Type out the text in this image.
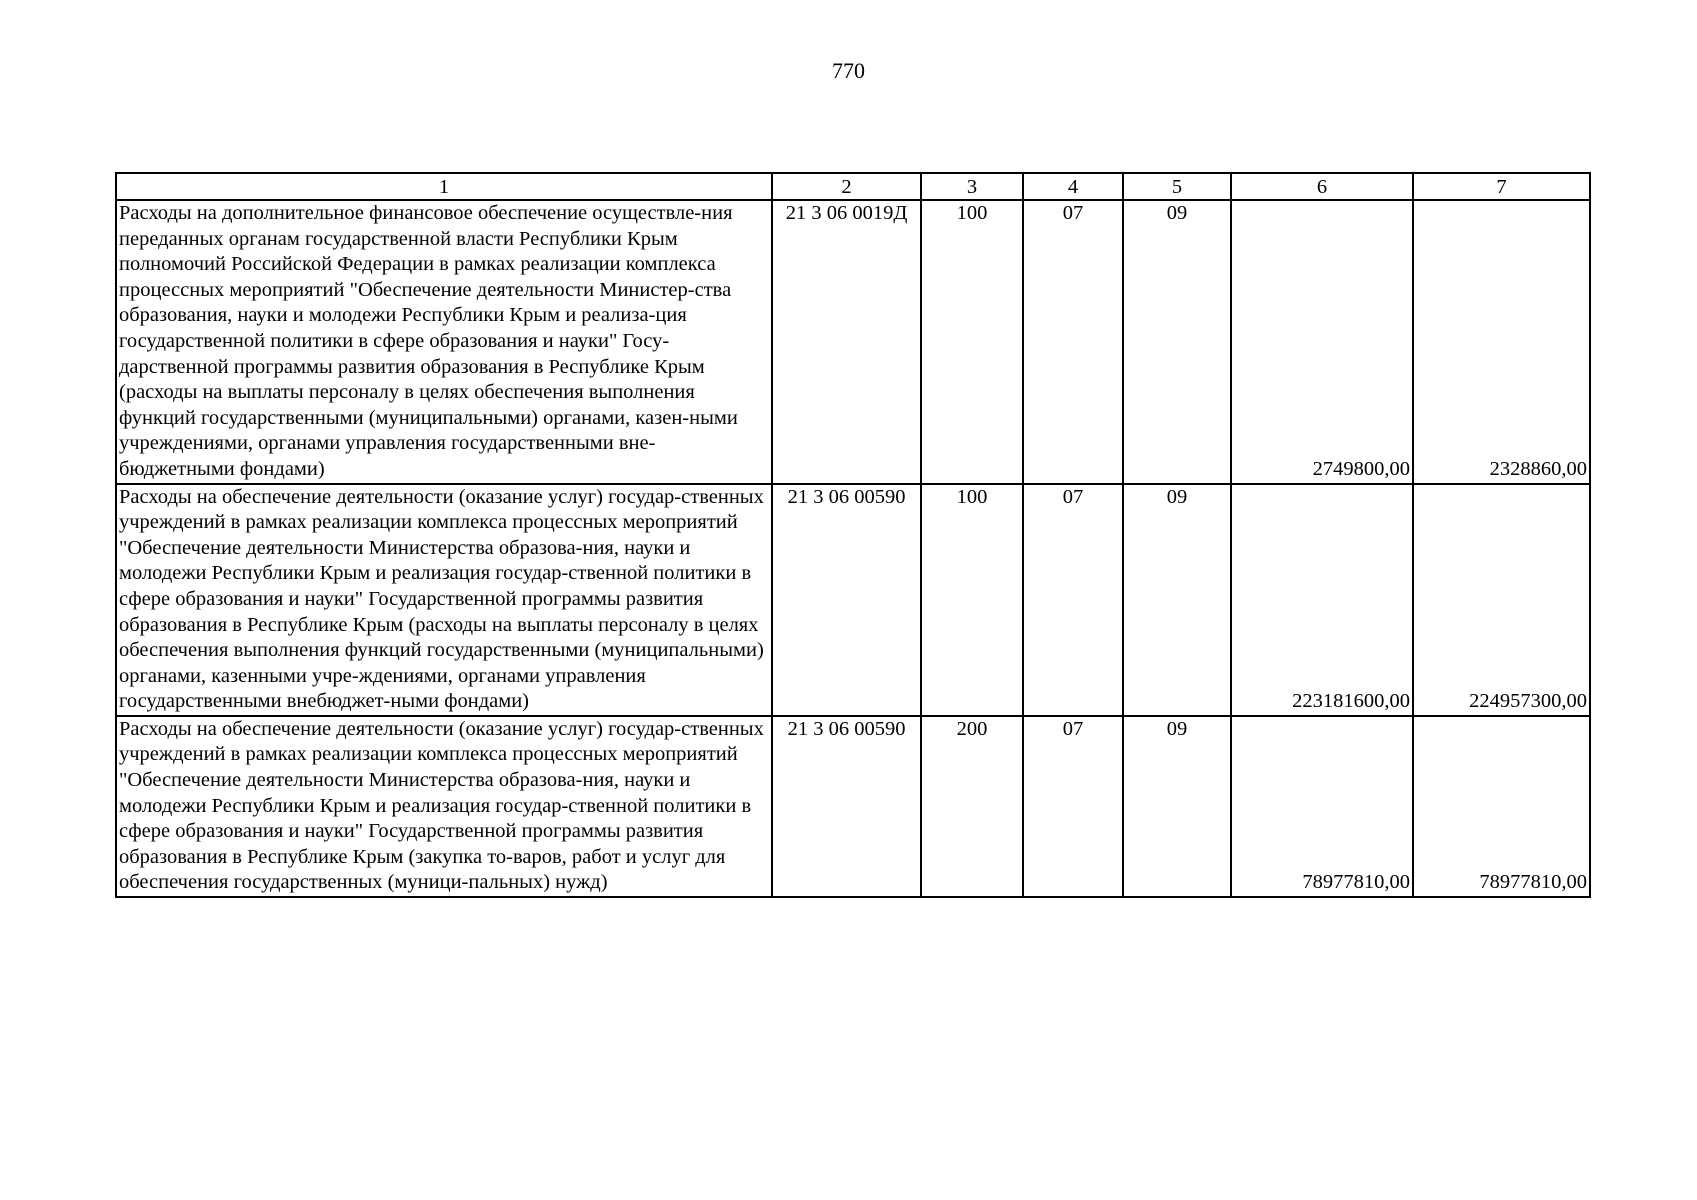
770
1	2	3	4	5	6	7
Расходы на дополнительное финансовое обеспечение осуществле-ния переданных органам государственной власти Республики Крым полномочий Российской Федерации в рамках реализации комплекса процессных мероприятий "Обеспечение деятельности Министер-ства образования, науки и молодежи Республики Крым и реализа-ция государственной политики в сфере образования и науки" Госу-дарственной программы развития образования в Республике Крым (расходы на выплаты персоналу в целях обеспечения выполнения функций государственными (муниципальными) органами, казен-ными учреждениями, органами управления государственными вне-бюджетными фондами)	21 3 06 0019Д	100	07	09	2749800,00	2328860,00
Расходы на обеспечение деятельности (оказание услуг) государ-ственных учреждений в рамках реализации комплекса процессных мероприятий "Обеспечение деятельности Министерства образова-ния, науки и молодежи Республики Крым и реализация государ-ственной политики в сфере образования и науки" Государственной программы развития образования в Республике Крым (расходы на выплаты персоналу в целях обеспечения выполнения функций государственными (муниципальными) органами, казенными учре-ждениями, органами управления государственными внебюджет-ными фондами)	21 3 06 00590	100	07	09	223181600,00	224957300,00
Расходы на обеспечение деятельности (оказание услуг) государ-ственных учреждений в рамках реализации комплекса процессных мероприятий "Обеспечение деятельности Министерства образова-ния, науки и молодежи Республики Крым и реализация государ-ственной политики в сфере образования и науки" Государственной программы развития образования в Республике Крым (закупка то-варов, работ и услуг для обеспечения государственных (муници-пальных) нужд)	21 3 06 00590	200	07	09	78977810,00	78977810,00
